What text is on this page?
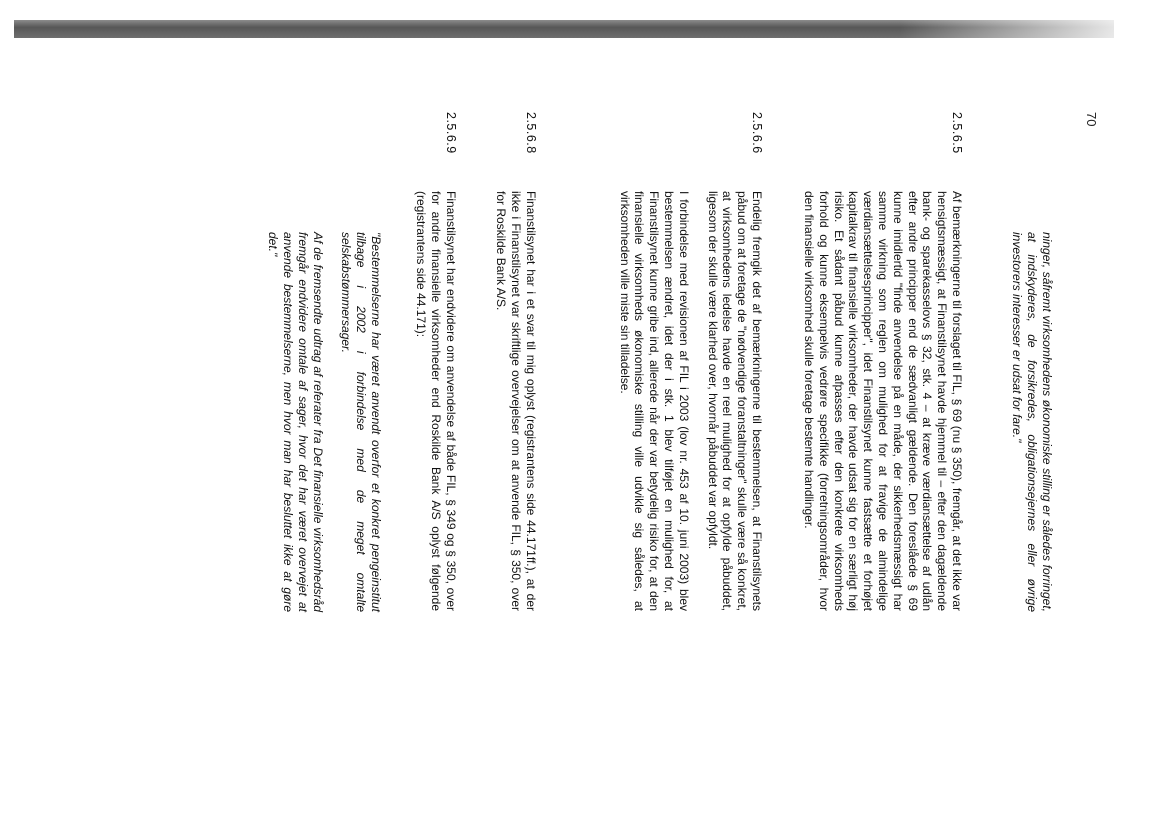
70

ninger, såfremt virksomhedens økonomiske stilling er således forringet, at indskyderes, de forsikredes, obligationsejernes eller øvrige investorers interesser er udsat for fare."

2.5.6.5

Af bemærkningerne til forslaget til FIL, § 69 (nu § 350), fremgår, at det ikke var hensigtsmæssigt, at Finanstilsynet havde hjemmel til – efter den dagældende bank- og sparekasselovs § 32, stk. 4 – at kræve værdiansættelse af udlån efter andre principper end de sædvanligt gældende. Den foreslåede § 69 kunne imidlertid "finde anvendelse på en måde, der sikkerhedsmæssigt har samme virkning som reglen om mulighed for at fravige de almindelige værdiansættelsesprincipper", idet Finanstilsynet kunne fastsætte et forhøjet kapitalkrav til finansielle virksomheder, der havde udsat sig for en særligt høj risiko. Et sådant påbud kunne afpasses efter den konkrete virksomheds forhold og kunne eksempelvis vedrøre specifikke (forretningsområder, hvor den finansielle virksomhed skulle foretage bestemte handlinger.

2.5.6.6

Endelig fremgik det af bemærkningerne til bestemmelsen, at Finanstilsynets påbud om at foretage de "nødvendige foranstaltninger" skulle være så konkret, at virksomhedens ledelse havde en reel mulighed for at opfylde påbuddet, ligesom der skulle være klarhed over, hvornår påbuddet var opfyldt.

I forbindelse med revisionen af FIL i 2003 (lov nr. 453 af 10. juni 2003) blev bestemmelsen ændret, idet der i stk. 1 blev tilføjet en mulighed for, at Finanstilsynet kunne gribe ind, allerede når der var betydelig risiko for, at den finansielle virksomheds økonomiske stilling ville udvikle sig således, at virksomheden ville miste sin tilladelse.

2.5.6.8

Finanstilsynet har i et svar til mig oplyst (registrantens side 44.171ff.), at der ikke i Finanstilsynet var skriftlige overvejelser om at anvende FIL, § 350, over for Roskilde Bank A/S.

2.5.6.9

Finanstilsynet har endvidere om anvendelse af både FIL, § 349 og § 350, over for andre finansielle virksomheder end Roskilde Bank A/S oplyst følgende (registrantens side 44.171):

"Bestemmelserne har været anvendt overfor et konkret pengeinstitut tilbage i 2002 i forbindelse med de meget omtalte selskabstømmersager.

Af de fremsendte udtrag af referater fra Det finansielle virksomhedsråd fremgår endvidere omtale af sager, hvor det har været overvejet at anvende bestemmelserne, men hvor man har besluttet ikke at gøre det."
